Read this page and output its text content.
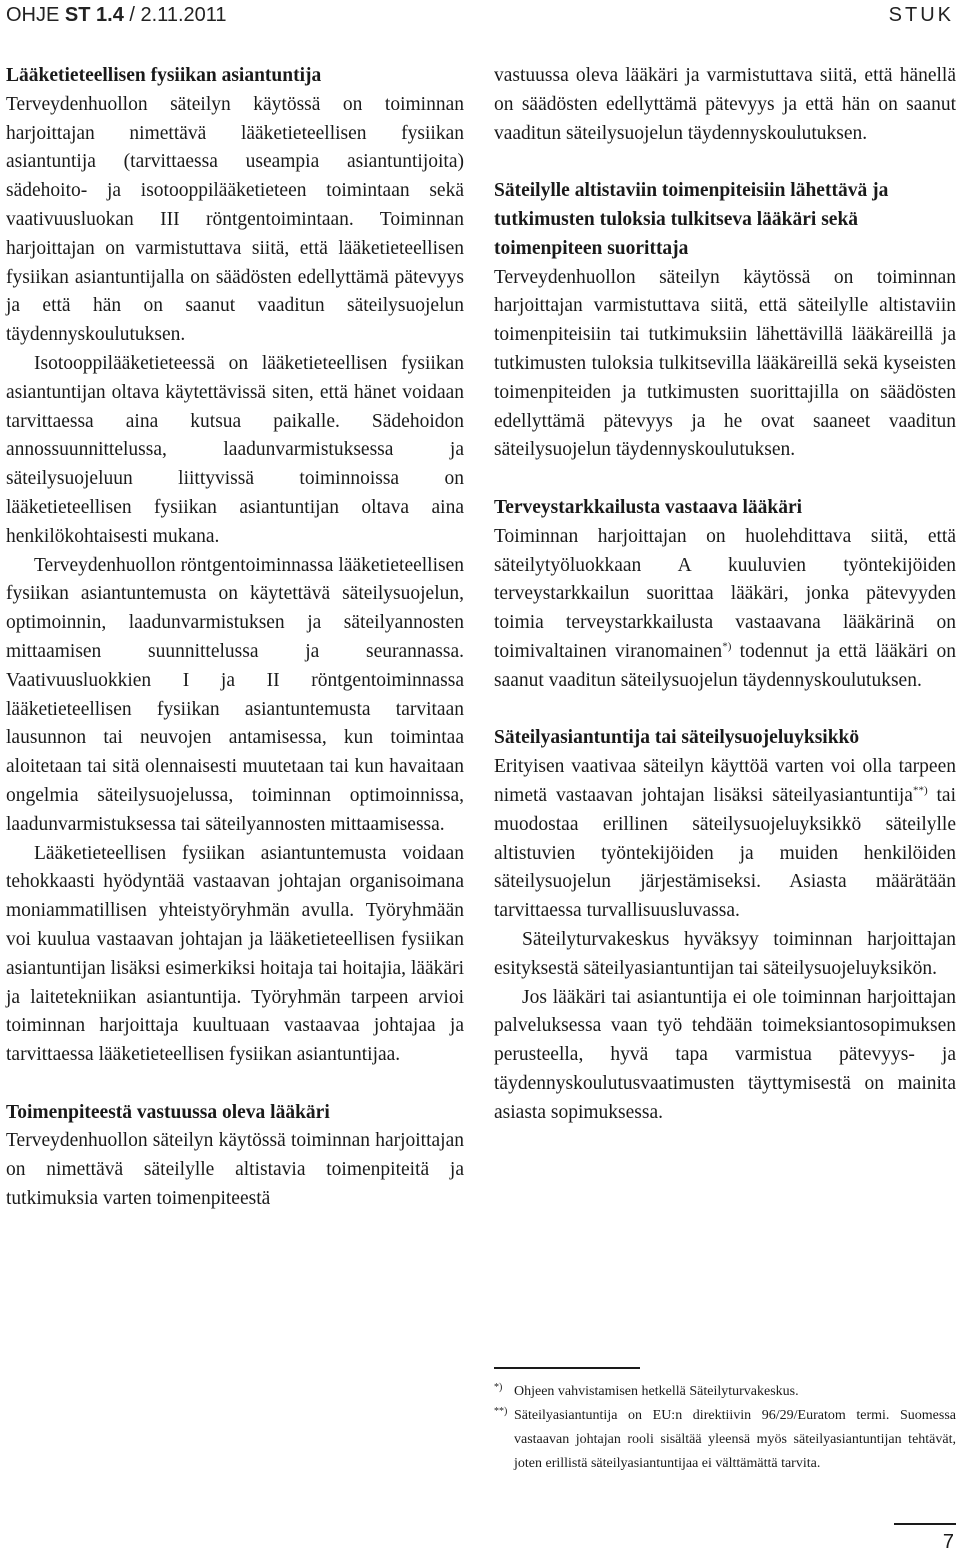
OHJE ST 1.4 / 2.11.2011	STUK
Lääketieteellisen fysiikan asiantuntija

Terveydenhuollon säteilyn käytössä on toiminnan harjoittajan nimettävä lääketieteellisen fysiikan asiantuntija (tarvittaessa useampia asiantuntijoita) sädehoito- ja isotooppilääketieteen toimintaan sekä vaativuusluokan III röntgentoimintaan. Toiminnan harjoittajan on varmistuttava siitä, että lääketieteellisen fysiikan asiantuntijalla on säädösten edellyttämä pätevyys ja että hän on saanut vaaditun säteilysuojelun täydennyskoulutuksen.

Isotooppilääketieteessä on lääketieteellisen fysiikan asiantuntijan oltava käytettävissä siten, että hänet voidaan tarvittaessa aina kutsua paikalle. Sädehoidon annossuunnittelussa, laadunvarmistuksessa ja säteilysuojeluun liittyvissä toiminnoissa on lääketieteellisen fysiikan asiantuntijan oltava aina henkilökohtaisesti mukana.

Terveydenhuollon röntgentoiminnassa lääketieteellisen fysiikan asiantuntemusta on käytettävä säteilysuojelun, optimoinnin, laadunvarmistuksen ja säteilyannosten mittaamisen suunnittelussa ja seurannassa. Vaativuusluokkien I ja II röntgentoiminnassa lääketieteellisen fysiikan asiantuntemusta tarvitaan lausunnon tai neuvojen antamisessa, kun toimintaa aloitetaan tai sitä olennaisesti muutetaan tai kun havaitaan ongelmia säteilysuojelussa, toiminnan optimoinnissa, laadunvarmistuksessa tai säteilyannosten mittaamisessa.

Lääketieteellisen fysiikan asiantuntemusta voidaan tehokkaasti hyödyntää vastaavan johtajan organisoimana moniammatillisen yhteistyöryhmän avulla. Työryhmään voi kuulua vastaavan johtajan ja lääketieteellisen fysiikan asiantuntijan lisäksi esimerkiksi hoitaja tai hoitajia, lääkäri ja laitetekniikan asiantuntija. Työryhmän tarpeen arvioi toiminnan harjoittaja kuultuaan vastaavaa johtajaa ja tarvittaessa lääketieteellisen fysiikan asiantuntijaa.

Toimenpiteestä vastuussa oleva lääkäri

Terveydenhuollon säteilyn käytössä toiminnan harjoittajan on nimettävä säteilylle altistavia toimenpiteitä ja tutkimuksia varten toimenpiteestä

vastuussa oleva lääkäri ja varmistuttava siitä, että hänellä on säädösten edellyttämä pätevyys ja että hän on saanut vaaditun säteilysuojelun täydennyskoulutuksen.

Säteilylle altistaviin toimenpiteisiin lähettävä ja tutkimusten tuloksia tulkitseva lääkäri sekä toimenpiteen suorittaja

Terveydenhuollon säteilyn käytössä on toiminnan harjoittajan varmistuttava siitä, että säteilylle altistaviin toimenpiteisiin tai tutkimuksiin lähettävillä lääkäreillä ja tutkimusten tuloksia tulkitsevilla lääkäreillä sekä kyseisten toimenpiteiden ja tutkimusten suorittajilla on säädösten edellyttämä pätevyys ja he ovat saaneet vaaditun säteilysuojelun täydennyskoulutuksen.

Terveystarkkailusta vastaava lääkäri

Toiminnan harjoittajan on huolehdittava siitä, että säteilytyöluokkaan A kuuluvien työntekijöiden terveystarkkailun suorittaa lääkäri, jonka pätevyyden toimia terveystarkkailusta vastaavana lääkärinä on toimivaltainen viranomainen*) todennut ja että lääkäri on saanut vaaditun säteilysuojelun täydennyskoulutuksen.

Säteilyasiantuntija tai säteilysuojeluyksikkö

Erityisen vaativaa säteilyn käyttöä varten voi olla tarpeen nimetä vastaavan johtajan lisäksi säteilyasiantuntija**) tai muodostaa erillinen säteilysuojeluyksikkö säteilylle altistuvien työntekijöiden ja muiden henkilöiden säteilysuojelun järjestämiseksi. Asiasta määrätään tarvittaessa turvallisuusluvassa.

Säteilyturvakeskus hyväksyy toiminnan harjoittajan esityksestä säteilyasiantuntijan tai säteilysuojeluyksikön.

Jos lääkäri tai asiantuntija ei ole toiminnan harjoittajan palveluksessa vaan työ tehdään toimeksiantosopimuksen perusteella, hyvä tapa varmistua pätevyys- ja täydennyskoulutusvaatimusten täyttymisestä on mainita asiasta sopimuksessa.

*) Ohjeen vahvistamisen hetkellä Säteilyturvakeskus.
**) Säteilyasiantuntija on EU:n direktiivin 96/29/Euratom termi. Suomessa vastaavan johtajan rooli sisältää yleensä myös säteilyasiantuntijan tehtävät, joten erillistä säteilyasiantuntijaa ei välttämättä tarvita.
7
